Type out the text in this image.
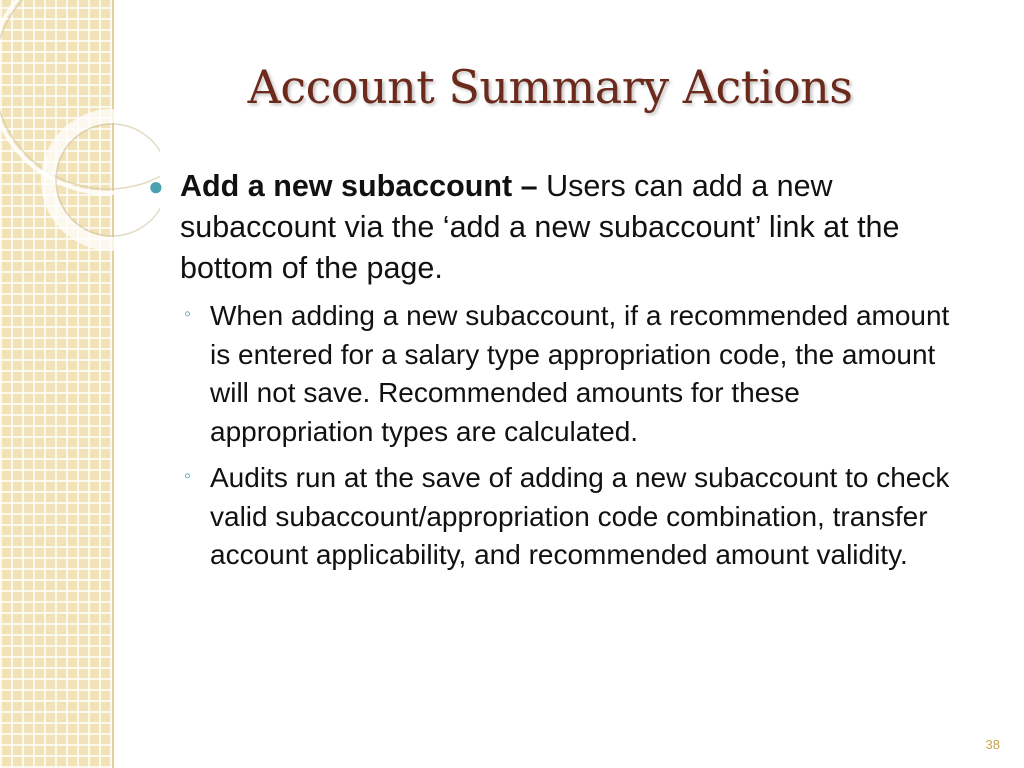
Account Summary Actions
● Add a new subaccount – Users can add a new subaccount via the ‘add a new subaccount’ link at the bottom of the page.
◦ When adding a new subaccount, if a recommended amount is entered for a salary type appropriation code, the amount will not save. Recommended amounts for these appropriation types are calculated.
◦ Audits run at the save of adding a new subaccount to check valid subaccount/appropriation code combination, transfer account applicability, and recommended amount validity.
38
